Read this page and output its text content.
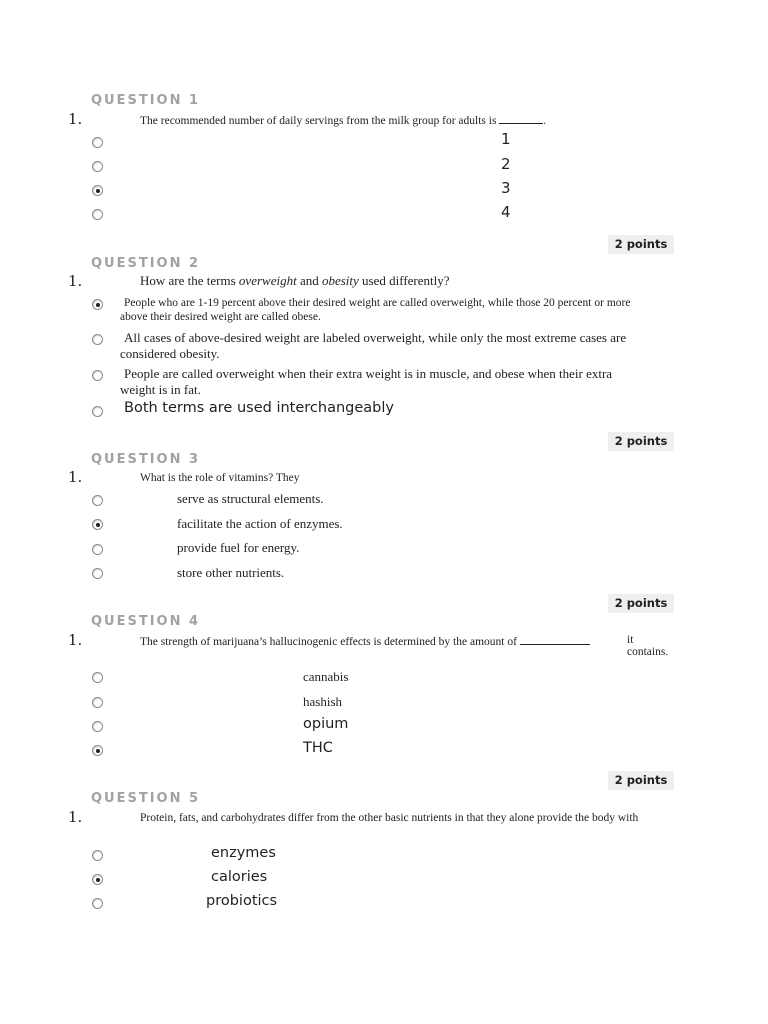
QUESTION 1
1.	The recommended number of daily servings from the milk group for adults is	.
1
2
3
4
2 points
QUESTION 2
1.	How are the terms overweight and obesity used differently?
People who are 1-19 percent above their desired weight are called overweight, while those 20 percent or more above their desired weight are called obese.
All cases of above-desired weight are labeled overweight, while only the most extreme cases are considered obesity.
People are called overweight when their extra weight is in muscle, and obese when their extra weight is in fat.
Both terms are used interchangeably
2 points
QUESTION 3
1.	What is the role of vitamins? They
serve as structural elements.
facilitate the action of enzymes.
provide fuel for energy.
store other nutrients.
2 points
QUESTION 4
1.	The strength of marijuana’s hallucinogenic effects is determined by the amount of	it contains.
cannabis
hashish
opium
THC
2 points
QUESTION 5
1.	Protein, fats, and carbohydrates differ from the other basic nutrients in that they alone provide the body with
enzymes
calories
probiotics
